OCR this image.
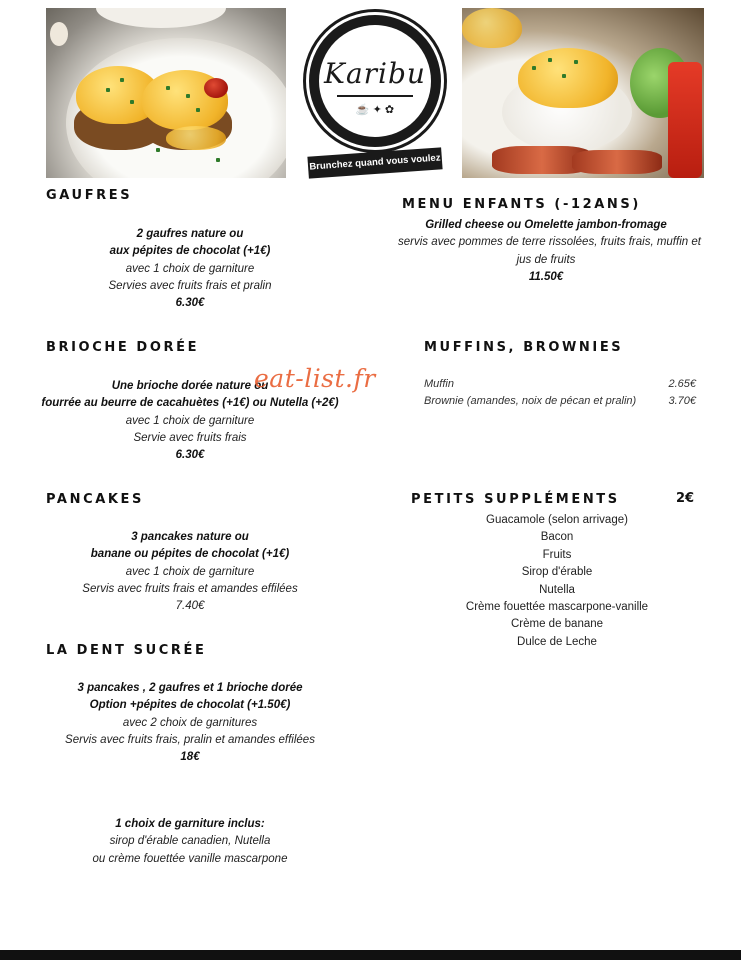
Karibu
☕ ✦ ✿
Brunchez quand vous voulez !
GAUFRES
2 gaufres nature ou
aux pépites de chocolat (+1€)
avec 1 choix de garniture
Servies avec fruits frais et pralin
6.30€
MENU ENFANTS (-12ANS)
Grilled cheese ou Omelette jambon-fromage
servis avec pommes de terre rissolées, fruits frais, muffin et
jus de fruits
11.50€
BRIOCHE DORÉE
Une brioche dorée nature ou
fourrée au beurre de cacahuètes (+1€) ou Nutella (+2€)
avec 1 choix de garniture
Servie avec fruits frais
6.30€
eat-list.fr
MUFFINS, BROWNIES
Muffin	2.65€
Brownie (amandes, noix de pécan et pralin)	3.70€
PANCAKES
3 pancakes nature ou
banane ou pépites de chocolat (+1€)
avec 1 choix de garniture
Servis avec fruits frais et amandes effilées
7.40€
PETITS SUPPLÉMENTS	2€
Guacamole (selon arrivage)
Bacon
Fruits
Sirop d'érable
Nutella
Crème fouettée mascarpone-vanille
Crème de banane
Dulce de Leche
LA DENT SUCRÉE
3 pancakes , 2 gaufres et 1 brioche dorée
Option +pépites de chocolat (+1.50€)
avec 2 choix de garnitures
Servis avec fruits frais, pralin et amandes effilées
18€
1 choix de garniture inclus:
sirop d'érable canadien, Nutella
ou crème fouettée vanille mascarpone
